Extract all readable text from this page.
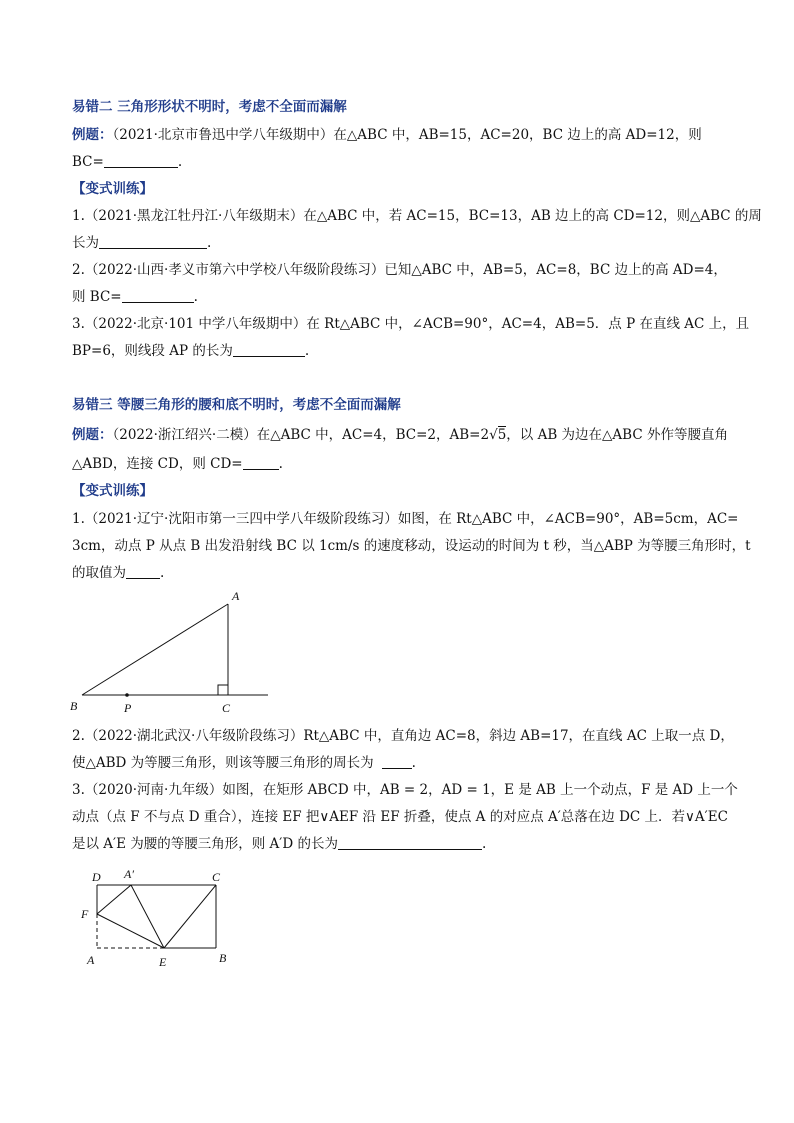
易错二 三角形形状不明时，考虑不全面而漏解
例题：（2021·北京市鲁迅中学八年级期中）在△ABC 中，AB=15，AC=20，BC 边上的高 AD=12，则
BC=	.
【变式训练】
1.（2021·黑龙江牡丹江·八年级期末）在△ABC 中，若 AC=15，BC=13，AB 边上的高 CD=12，则△ABC 的周
长为	.
2.（2022·山西·孝义市第六中学校八年级阶段练习）已知△ABC 中，AB=5，AC=8，BC 边上的高 AD=4，
则 BC=	.
3.（2022·北京·101 中学八年级期中）在 Rt△ABC 中，∠ACB=90°，AC=4，AB=5．点 P 在直线 AC 上，且
BP=6，则线段 AP 的长为	.
易错三 等腰三角形的腰和底不明时，考虑不全面而漏解
例题：（2022·浙江绍兴·二模）在△ABC 中，AC=4，BC=2，AB=2√5，以 AB 为边在△ABC 外作等腰直角
△ABD，连接 CD，则 CD=	.
【变式训练】
1.（2021·辽宁·沈阳市第一三四中学八年级阶段练习）如图，在 Rt△ABC 中，∠ACB=90°，AB=5cm，AC=
3cm，动点 P 从点 B 出发沿射线 BC 以 1cm/s 的速度移动，设运动的时间为 t 秒，当△ABP 为等腰三角形时，t
的取值为	.
A
B	P	C
2.（2022·湖北武汉·八年级阶段练习）Rt△ABC 中，直角边 AC=8，斜边 AB=17，在直线 AC 上取一点 D，
使△ABD 为等腰三角形，则该等腰三角形的周长为	.
3.（2020·河南·九年级）如图，在矩形 ABCD 中，AB = 2，AD = 1，E 是 AB 上一个动点，F 是 AD 上一个
动点（点 F 不与点 D 重合），连接 EF 把∨AEF 沿 EF 折叠，使点 A 的对应点 A′总落在边 DC 上．若∨A′EC
是以 A′E 为腰的等腰三角形，则 A′D 的长为	.
D A′	C
F
A	E	B
